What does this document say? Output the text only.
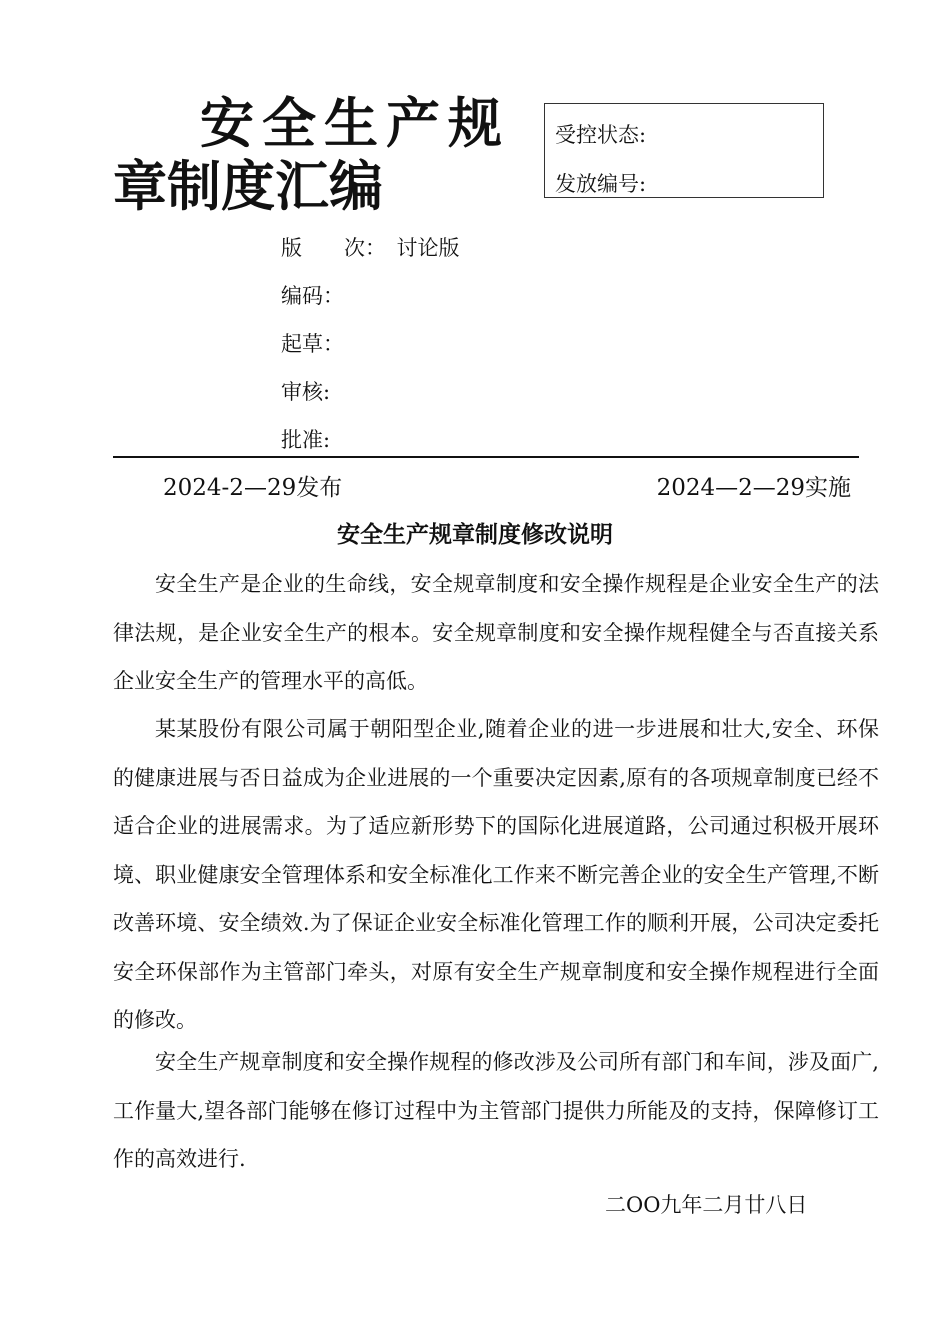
安全生产规
章制度汇编
受控状态:
发放编号:
版　　次：　讨论版
编码：
起草：
审核:
批准:
2024-2—29发布	2024—2—29实施
安全生产规章制度修改说明
安全生产是企业的生命线，安全规章制度和安全操作规程是企业安全生产的法律法规，是企业安全生产的根本。安全规章制度和安全操作规程健全与否直接关系企业安全生产的管理水平的高低。
某某股份有限公司属于朝阳型企业,随着企业的进一步进展和壮大,安全、环保的健康进展与否日益成为企业进展的一个重要决定因素,原有的各项规章制度已经不适合企业的进展需求。为了适应新形势下的国际化进展道路，公司通过积极开展环境、职业健康安全管理体系和安全标准化工作来不断完善企业的安全生产管理,不断改善环境、安全绩效.为了保证企业安全标准化管理工作的顺利开展，公司决定委托安全环保部作为主管部门牵头，对原有安全生产规章制度和安全操作规程进行全面的修改。
安全生产规章制度和安全操作规程的修改涉及公司所有部门和车间，涉及面广,工作量大,望各部门能够在修订过程中为主管部门提供力所能及的支持，保障修订工作的高效进行.
二OO九年二月廿八日
